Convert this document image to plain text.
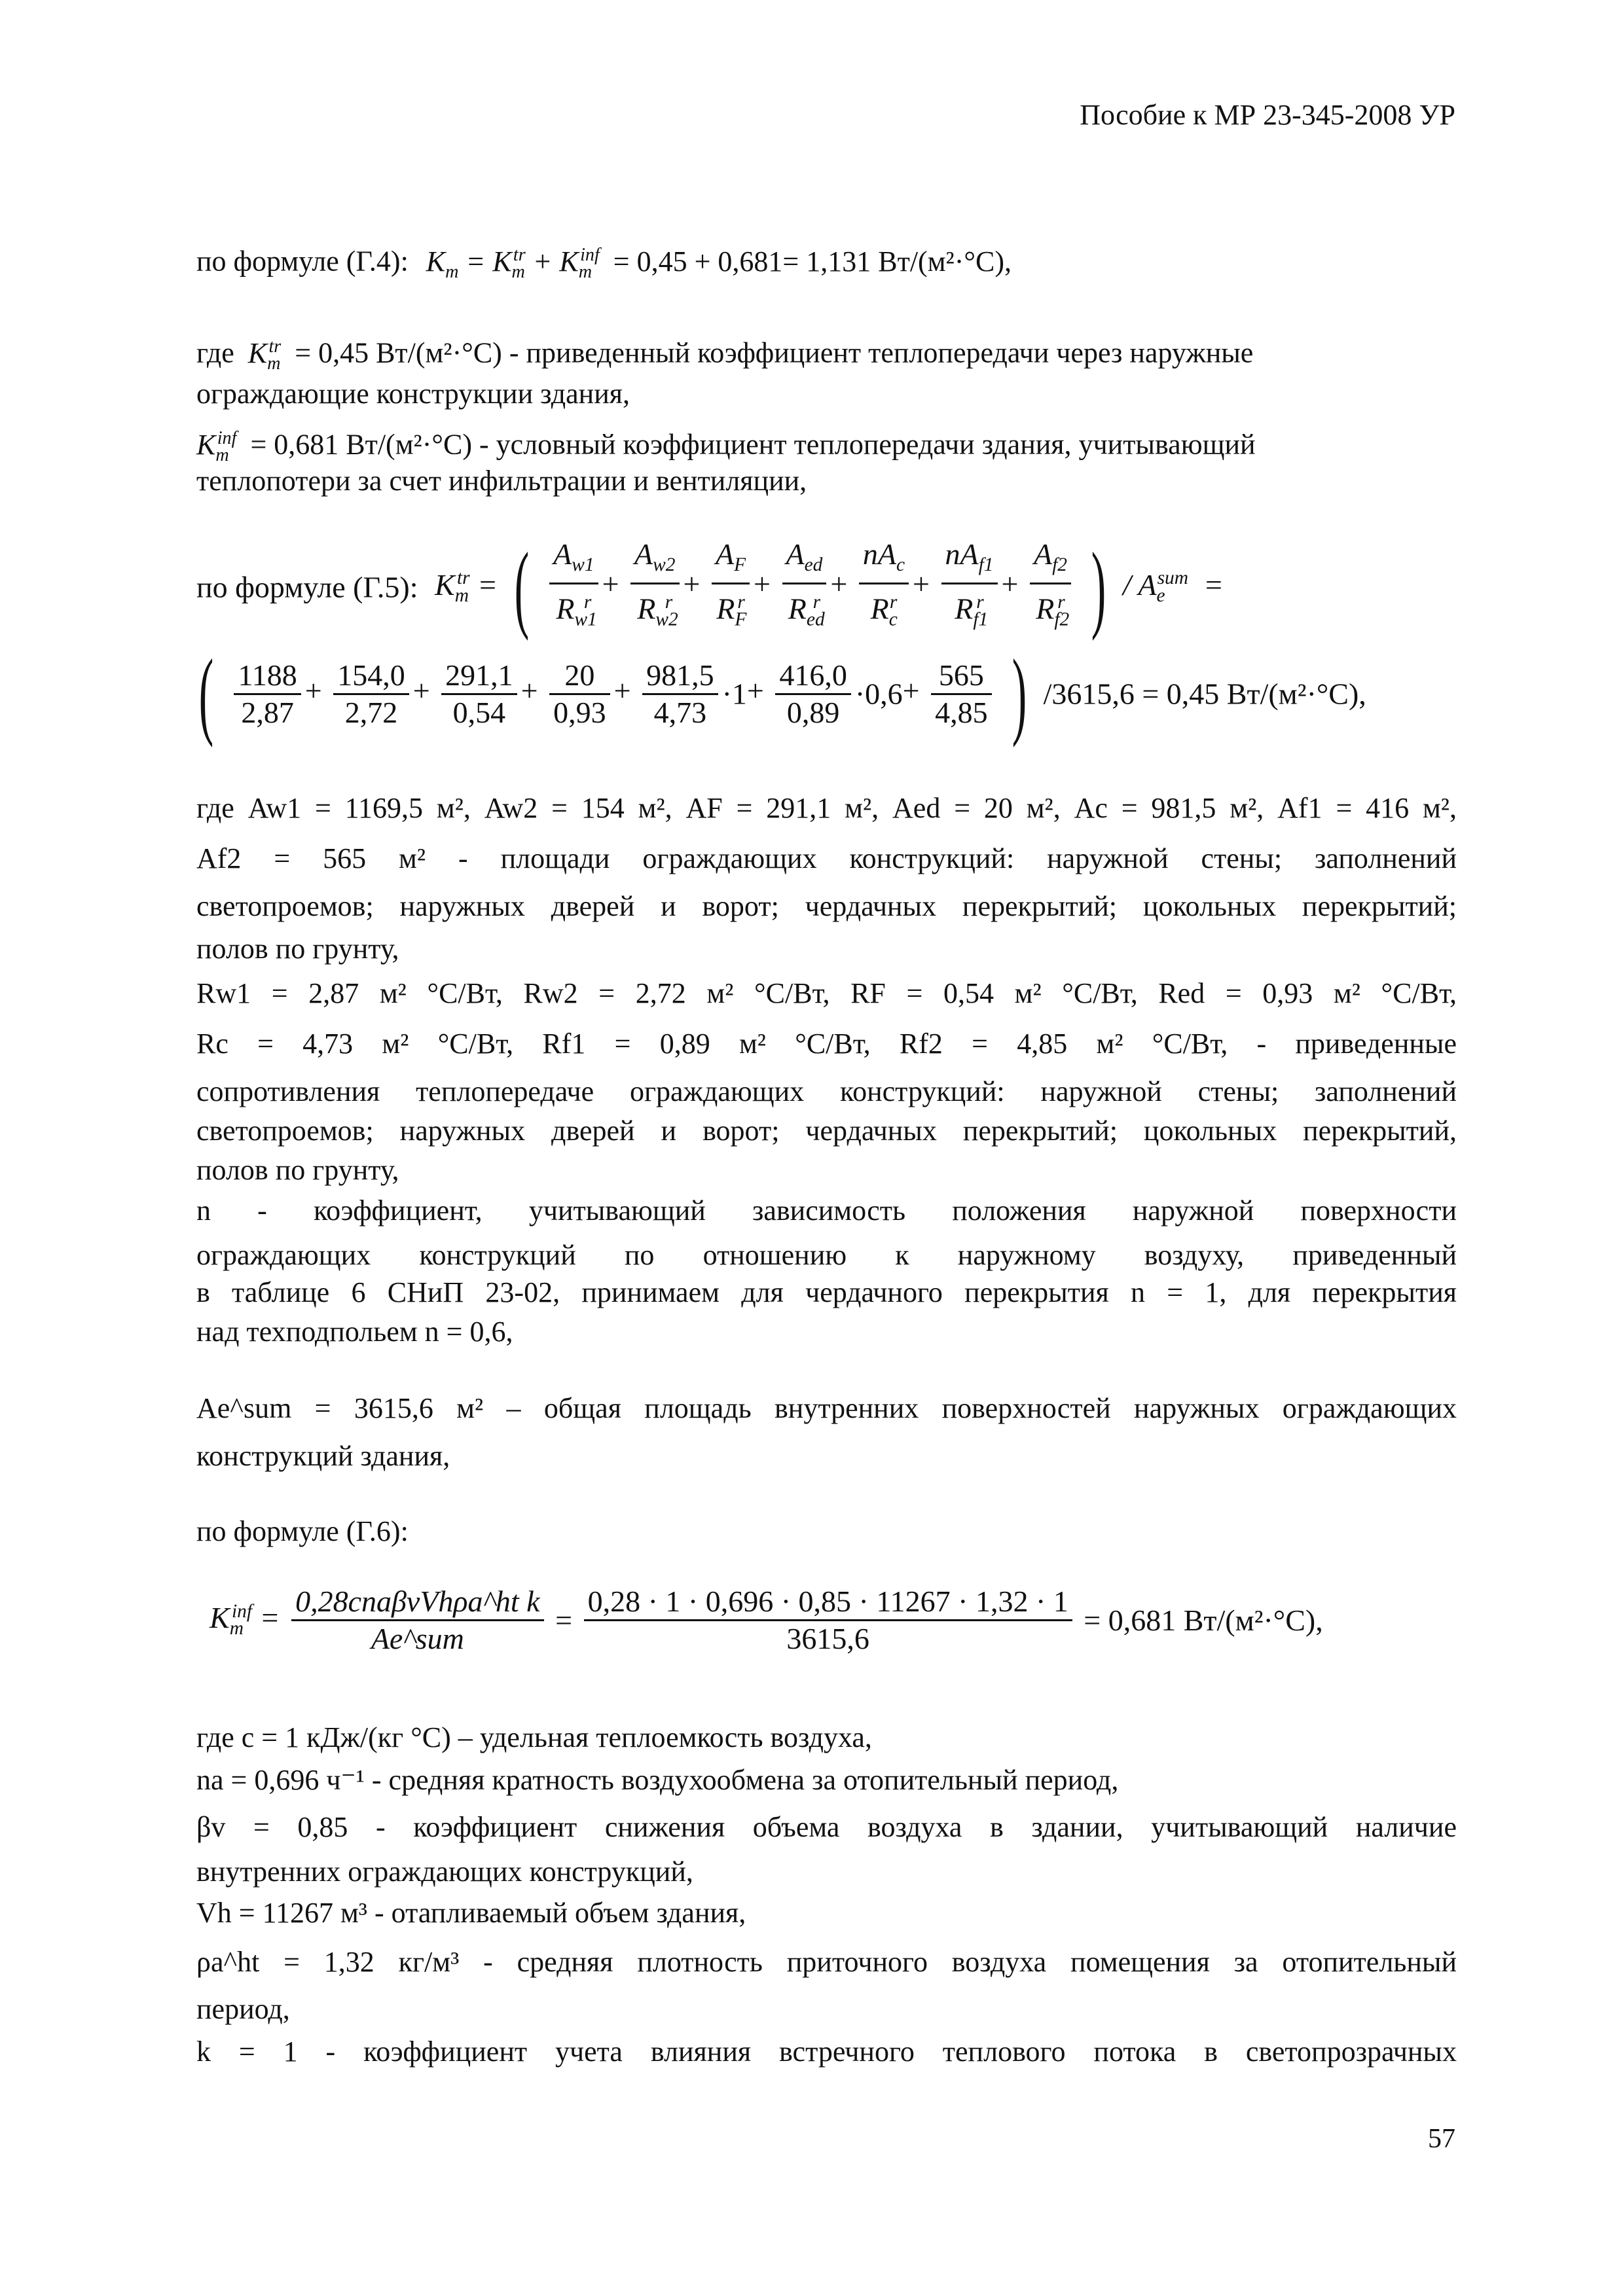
Пособие к МР 23-345-2008 УР
по формуле (Г.4): $K_m = K_m^{tr} + K_m^{inf} = 0,45 + 0,681= 1,131$ Вт/(м²·°С),
где $K_m^{tr} = 0,45$ Вт/(м²·°С) - приведенный коэффициент теплопередачи через наружные
ограждающие конструкции здания,
$K_m^{inf} = 0,681$ Вт/(м²·°С) - условный коэффициент теплопередачи здания, учитывающий
теплопотери за счет инфильтрации и вентиляции,
по формуле (Г.5): $K_m^{tr}$ = ( $\frac{A_{w1}}{R_{w1}^r} + \frac{A_{w2}}{R_{w2}^r} + \frac{A_F}{R_F^r} + \frac{A_{ed}}{R_{ed}^r} + \frac{nA_c}{R_c^r} + \frac{nA_{f1}}{R_{f1}^r} + \frac{A_{f2}}{R_{f2}^r}$ ) / $A_e^{sum}$  =
( $\frac{1188}{2,87} + \frac{154,0}{2,72} + \frac{291,1}{0,54} + \frac{20}{0,93} + \frac{981,5}{4,73} \cdot 1+ \frac{416,0}{0,89} \cdot 0,6+ \frac{565}{4,85}$ ) /3615,6 = 0,45 Вт/(м²·°С),
где Aw1 = 1169,5 м², Aw2 = 154 м², AF = 291,1 м², Aed = 20 м², Ac = 981,5 м², Af1 = 416 м²,
Af2 = 565 м² - площади ограждающих конструкций: наружной стены; заполнений
светопроемов; наружных дверей и ворот; чердачных перекрытий; цокольных перекрытий;
полов по грунту,
Rw1 = 2,87 м² °С/Вт, Rw2 = 2,72 м² °С/Вт, RF = 0,54 м² °С/Вт, Red = 0,93 м² °С/Вт,
Rc = 4,73 м² °С/Вт, Rf1 = 0,89 м² °С/Вт, Rf2 = 4,85 м² °С/Вт, - приведенные
сопротивления теплопередаче ограждающих конструкций: наружной стены; заполнений
светопроемов; наружных дверей и ворот; чердачных перекрытий; цокольных перекрытий,
полов по грунту,
n - коэффициент, учитывающий зависимость положения наружной поверхности
ограждающих конструкций по отношению к наружному воздуху, приведенный
в таблице 6 СНиП 23-02, принимаем для чердачного перекрытия n = 1, для перекрытия
над техподпольем n = 0,6,
Ae^sum = 3615,6 м² – общая площадь внутренних поверхностей наружных ограждающих
конструкций здания,
по формуле (Г.6):
$K_m^{inf} = \frac{\text{0,28cnaβvVhρa\textasciicircum{}ht k}}{\text{Ae\textasciicircum{}sum}} = \frac{0,28 \cdot 1 \cdot 0,696 \cdot 0,85 \cdot 11267 \cdot 1,32 \cdot 1}{3615,6} = 0,681$ Вт/(м²·°С),
где c = 1 кДж/(кг °С) – удельная теплоемкость воздуха,
na = 0,696 ч⁻¹ - средняя кратность воздухообмена за отопительный период,
βv = 0,85 - коэффициент снижения объема воздуха в здании, учитывающий наличие
внутренних ограждающих конструкций,
Vh = 11267 м³ - отапливаемый объем здания,
ρa^ht = 1,32 кг/м³ - средняя плотность приточного воздуха помещения за отопительный
период,
k = 1 - коэффициент учета влияния встречного теплового потока в светопрозрачных
57
